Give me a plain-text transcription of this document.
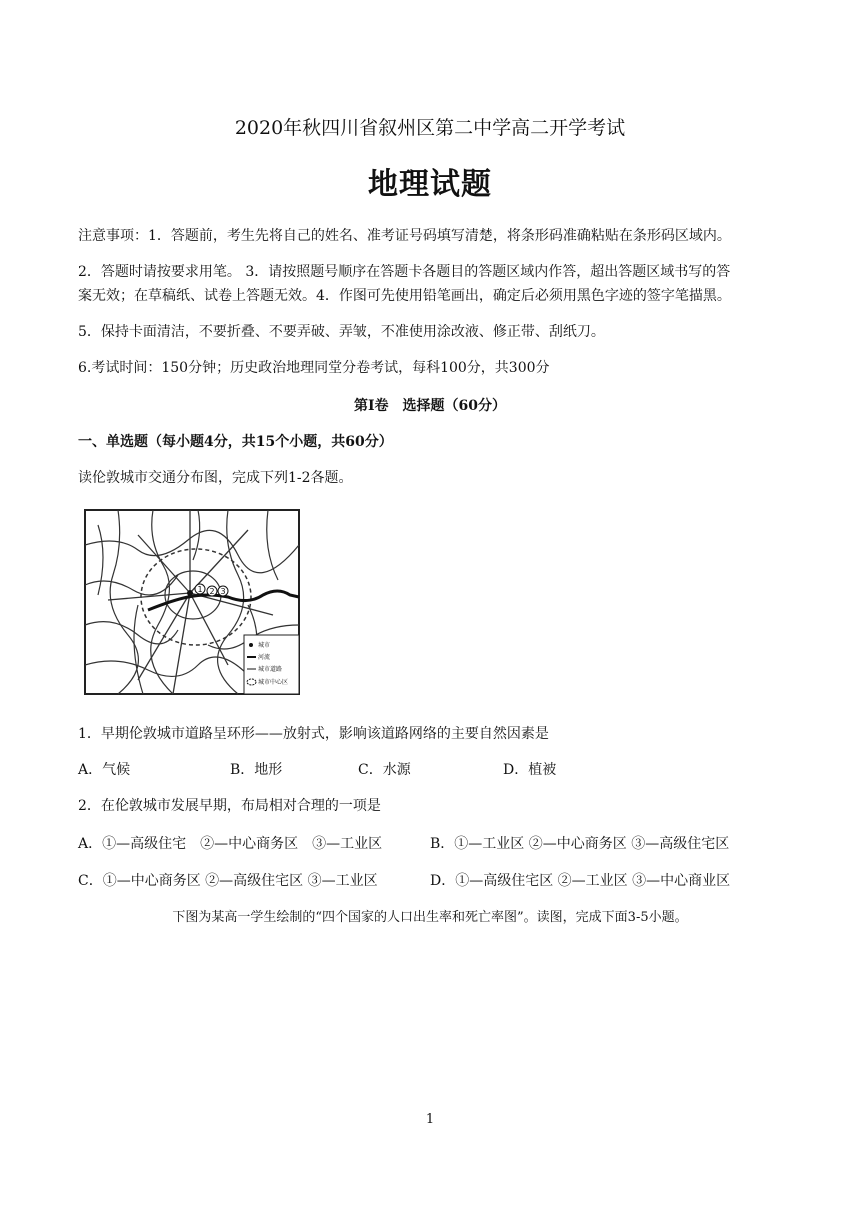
2020年秋四川省叙州区第二中学高二开学考试
地理试题
注意事项：1．答题前，考生先将自己的姓名、准考证号码填写清楚，将条形码准确粘贴在条形码区域内。
2．答题时请按要求用笔。 3．请按照题号顺序在答题卡各题目的答题区域内作答，超出答题区域书写的答
案无效；在草稿纸、试卷上答题无效。4．作图可先使用铅笔画出，确定后必须用黑色字迹的签字笔描黑。
5．保持卡面清洁，不要折叠、不要弄破、弄皱，不准使用涂改液、修正带、刮纸刀。
6.考试时间：150分钟；历史政治地理同堂分卷考试，每科100分，共300分
第I卷　选择题（60分）
一、单选题（每小题4分，共15个小题，共60分）
读伦敦城市交通分布图，完成下列1-2各题。
1 2 3
城市
河流
城市道路
城市中心区
1．早期伦敦城市道路呈环形——放射式，影响该道路网络的主要自然因素是
A．气候	B．地形	C．水源	D．植被
2．在伦敦城市发展早期，布局相对合理的一项是
A．①—高级住宅　②—中心商务区　③—工业区	B．①—工业区 ②—中心商务区 ③—高级住宅区
C．①—中心商务区 ②—高级住宅区 ③—工业区	D．①—高级住宅区 ②—工业区 ③—中心商业区
下图为某高一学生绘制的“四个国家的人口出生率和死亡率图”。读图，完成下面3-5小题。
1
